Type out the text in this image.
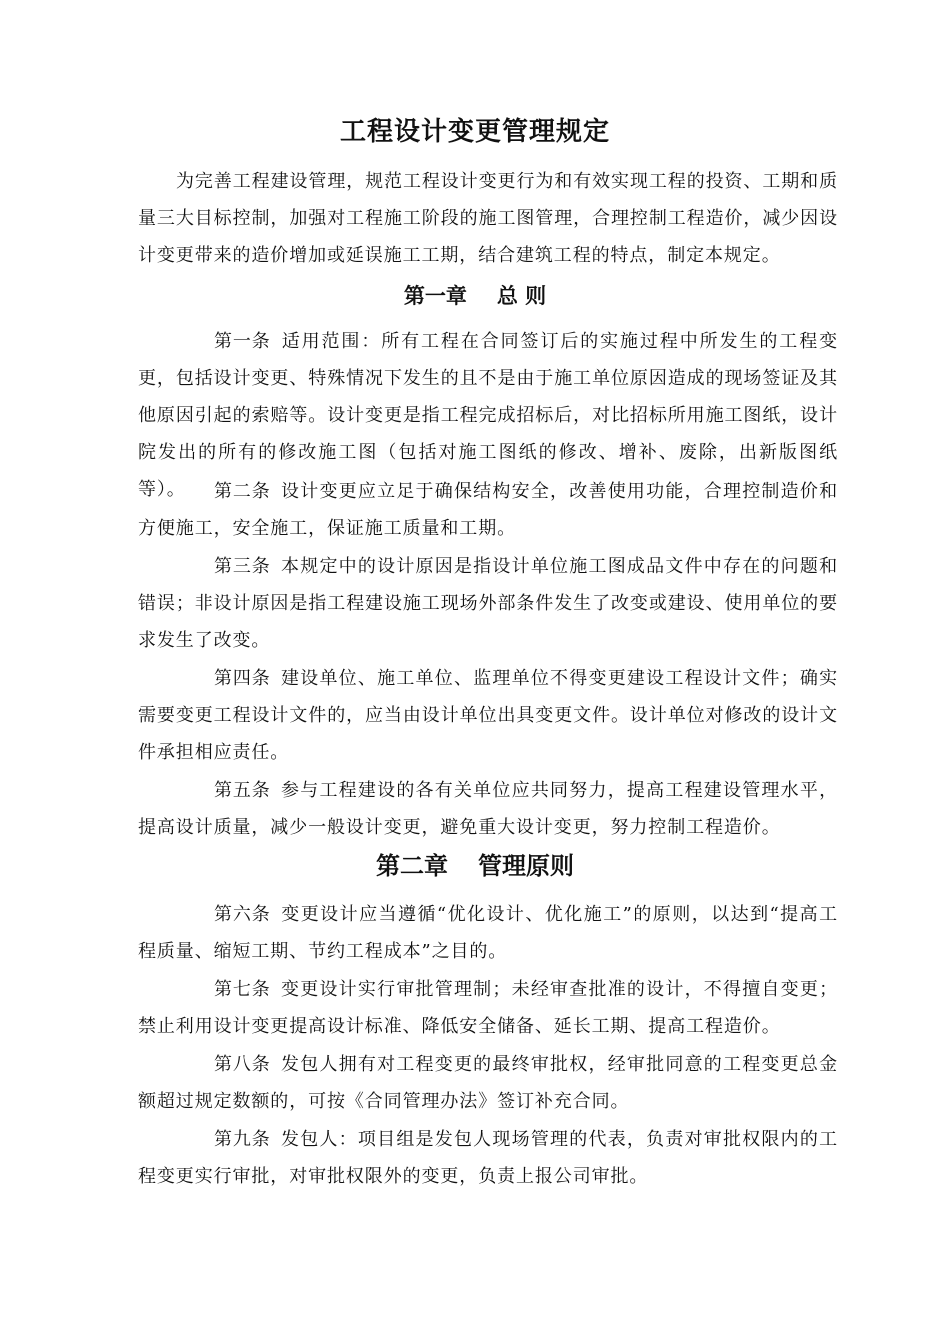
工程设计变更管理规定

为完善工程建设管理，规范工程设计变更行为和有效实现工程的投资、工期和质量三大目标控制，加强对工程施工阶段的施工图管理，合理控制工程造价，减少因设计变更带来的造价增加或延误施工工期，结合建筑工程的特点，制定本规定。

第一章 总 则

第一条 适用范围：所有工程在合同签订后的实施过程中所发生的工程变更，包括设计变更、特殊情况下发生的且不是由于施工单位原因造成的现场签证及其他原因引起的索赔等。设计变更是指工程完成招标后，对比招标所用施工图纸，设计院发出的所有的修改施工图（包括对施工图纸的修改、增补、废除，出新版图纸等）。	第二条 设计变更应立足于确保结构安全，改善使用功能，合理控制造价和方便施工，安全施工，保证施工质量和工期。

第三条 本规定中的设计原因是指设计单位施工图成品文件中存在的问题和错误；非设计原因是指工程建设施工现场外部条件发生了改变或建设、使用单位的要求发生了改变。

第四条 建设单位、施工单位、监理单位不得变更建设工程设计文件；确实需要变更工程设计文件的，应当由设计单位出具变更文件。设计单位对修改的设计文件承担相应责任。

第五条 参与工程建设的各有关单位应共同努力，提高工程建设管理水平，提高设计质量，减少一般设计变更，避免重大设计变更，努力控制工程造价。

第二章 管理原则

第六条 变更设计应当遵循“优化设计、优化施工”的原则，以达到“提高工程质量、缩短工期、节约工程成本”之目的。

第七条 变更设计实行审批管理制；未经审查批准的设计，不得擅自变更；禁止利用设计变更提高设计标准、降低安全储备、延长工期、提高工程造价。

第八条 发包人拥有对工程变更的最终审批权，经审批同意的工程变更总金额超过规定数额的，可按《合同管理办法》签订补充合同。

第九条 发包人：项目组是发包人现场管理的代表，负责对审批权限内的工程变更实行审批，对审批权限外的变更，负责上报公司审批。
